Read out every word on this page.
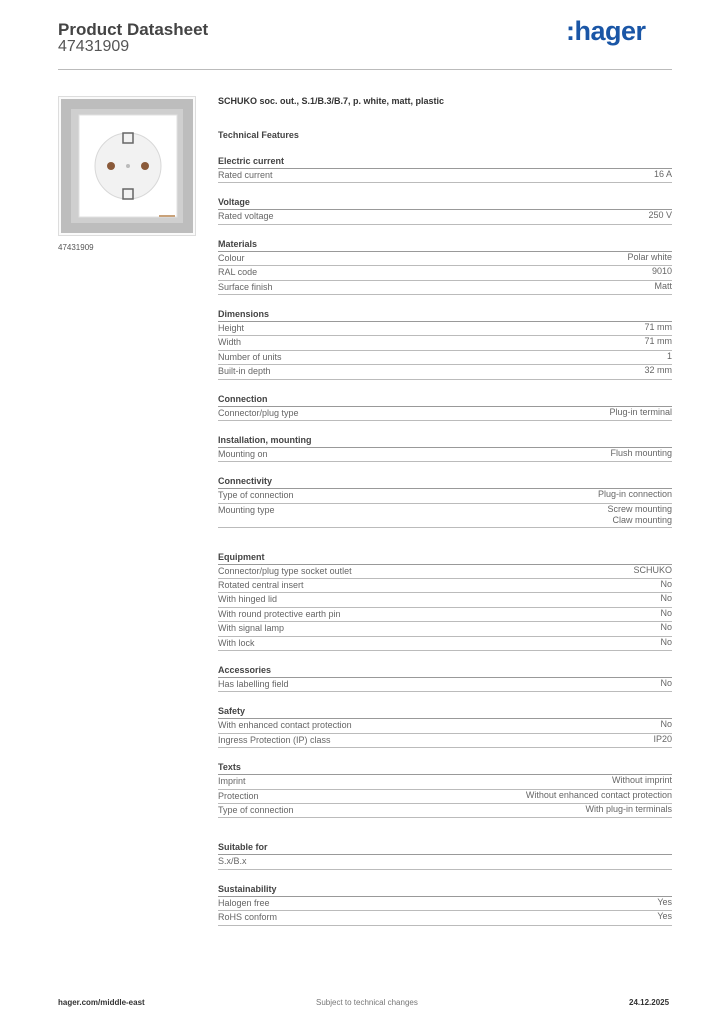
Product Datasheet
47431909
:hager
47431909
SCHUKO soc. out., S.1/B.3/B.7, p. white, matt, plastic
Technical Features
Electric current
Rated current	16 A
Voltage
Rated voltage	250 V
Materials
Colour	Polar white
RAL code	9010
Surface finish	Matt
Dimensions
Height	71 mm
Width	71 mm
Number of units	1
Built-in depth	32 mm
Connection
Connector/plug type	Plug-in terminal
Installation, mounting
Mounting on	Flush mounting
Connectivity
Type of connection	Plug-in connection
Mounting type	Screw mounting
Claw mounting
Equipment
Connector/plug type socket outlet	SCHUKO
Rotated central insert	No
With hinged lid	No
With round protective earth pin	No
With signal lamp	No
With lock	No
Accessories
Has labelling field	No
Safety
With enhanced contact protection	No
Ingress Protection (IP) class	IP20
Texts
Imprint	Without imprint
Protection	Without enhanced contact protection
Type of connection	With plug-in terminals
Suitable for
S.x/B.x
Sustainability
Halogen free	Yes
RoHS conform	Yes
hager.com/middle-east	Subject to technical changes	24.12.2025
